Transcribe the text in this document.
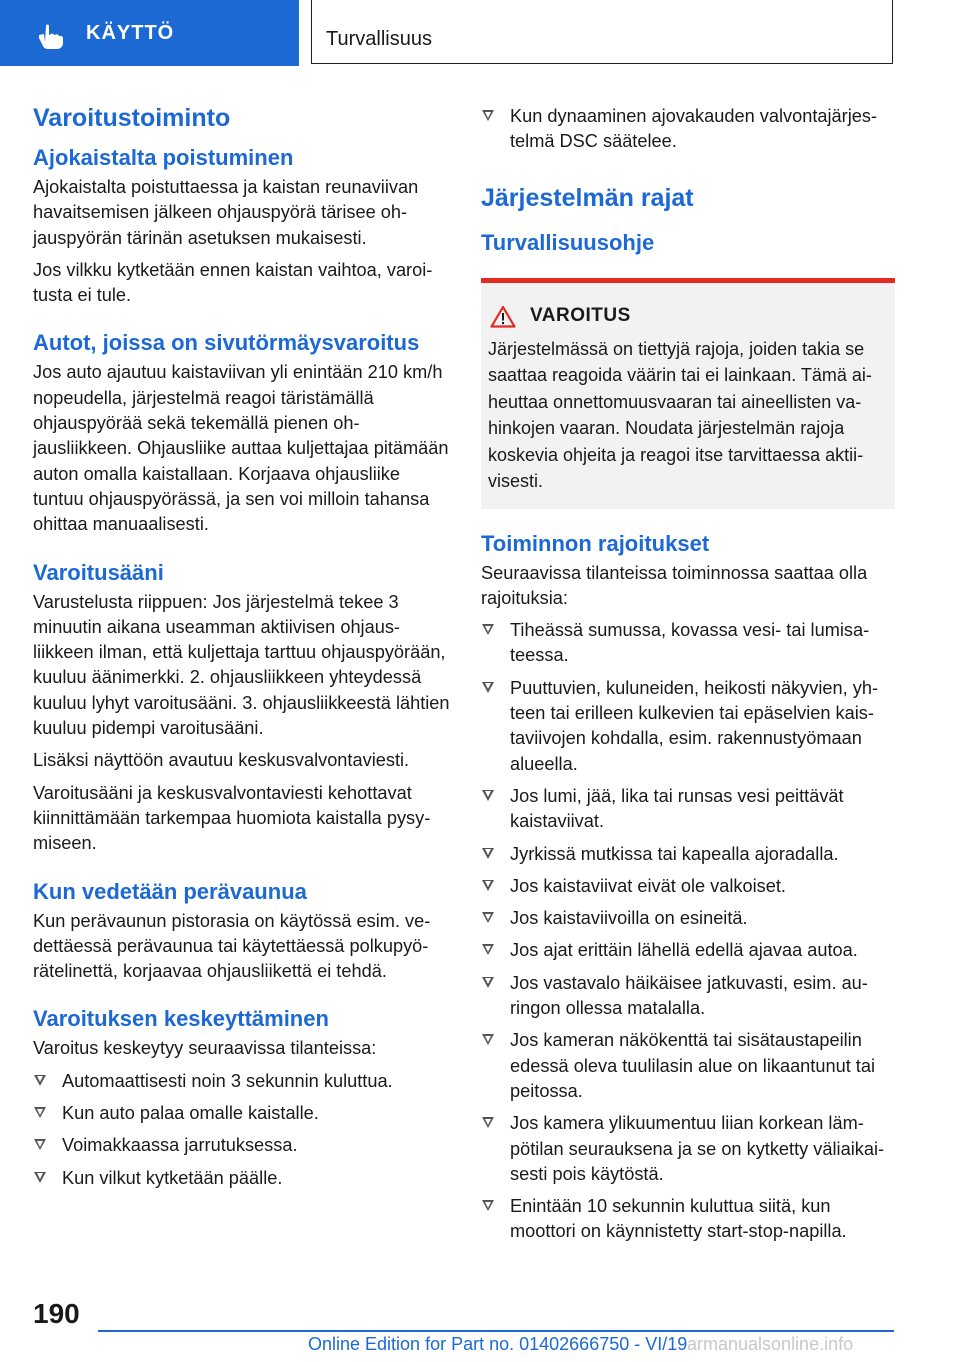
KÄYTTÖ	Turvallisuus
Varoitustoiminto
Ajokaistalta poistuminen

Ajokaistalta poistuttaessa ja kaistan reunaviivan havaitsemisen jälkeen ohjauspyörä tärisee ohjauspyörän tärinän asetuksen mukaisesti.

Jos vilkku kytketään ennen kaistan vaihtoa, varoitusta ei tule.

Autot, joissa on sivutörmäysvaroitus

Jos auto ajautuu kaistaviivan yli enintään 210 km/h nopeudella, järjestelmä reagoi täristämällä ohjauspyörää sekä tekemällä pienen ohjausliikkeen. Ohjausliike auttaa kuljettajaa pitämään auton omalla kaistallaan. Korjaava ohjausliike tuntuu ohjauspyörässä, ja sen voi milloin tahansa ohittaa manuaalisesti.

Varoitusääni

Varustelusta riippuen: Jos järjestelmä tekee 3 minuutin aikana useamman aktiivisen ohjausliikkeen ilman, että kuljettaja tarttuu ohjauspyörään, kuuluu äänimerkki. 2. ohjausliikkeen yhteydessä kuuluu lyhyt varoitusääni. 3. ohjausliikkeestä lähtien kuuluu pidempi varoitusääni.

Lisäksi näyttöön avautuu keskusvalvontaviesti.

Varoitusääni ja keskusvalvontaviesti kehottavat kiinnittämään tarkempaa huomiota kaistalla pysymiseen.

Kun vedetään perävaunua

Kun perävaunun pistorasia on käytössä esim. vedettäessä perävaunua tai käytettäessä polkupyörätelinettä, korjaavaa ohjausliikettä ei tehdä.

Varoituksen keskeyttäminen

Varoitus keskeytyy seuraavissa tilanteissa:

Automaattisesti noin 3 sekunnin kuluttua.
Kun auto palaa omalle kaistalle.
Voimakkaassa jarrutuksessa.
Kun vilkut kytketään päälle.
Kun dynaaminen ajovakauden valvontajärjestelmä DSC säätelee.
Järjestelmän rajat
Turvallisuusohje
VAROITUS

Järjestelmässä on tiettyjä rajoja, joiden takia se saattaa reagoida väärin tai ei lainkaan. Tämä aiheuttaa onnettomuusvaaran tai aineellisten vahinkojen vaaran. Noudata järjestelmän rajoja koskevia ohjeita ja reagoi itse tarvittaessa aktiivisesti.

Toiminnon rajoitukset

Seuraavissa tilanteissa toiminnossa saattaa olla rajoituksia:

Tiheässä sumussa, kovassa vesi- tai lumisateessa.
Puuttuvien, kuluneiden, heikosti näkyvien, yhteen tai erilleen kulkevien tai epäselvien kaistaviivojen kohdalla, esim. rakennustyömaan alueella.
Jos lumi, jää, lika tai runsas vesi peittävät kaistaviivat.
Jyrkissä mutkissa tai kapealla ajoradalla.
Jos kaistaviivat eivät ole valkoiset.
Jos kaistaviivoilla on esineitä.
Jos ajat erittäin lähellä edellä ajavaa autoa.
Jos vastavalo häikäisee jatkuvasti, esim. auringon ollessa matalalla.
Jos kameran näkökenttä tai sisätaustapeilin edessä oleva tuulilasin alue on likaantunut tai peitossa.
Jos kamera ylikuumentuu liian korkean lämpötilan seurauksena ja se on kytketty väliaikaisesti pois käytöstä.
Enintään 10 sekunnin kuluttua siitä, kun moottori on käynnistetty start-stop-napilla.
190
Online Edition for Part no. 01402666750 - VI/19 armanualsonline.info
